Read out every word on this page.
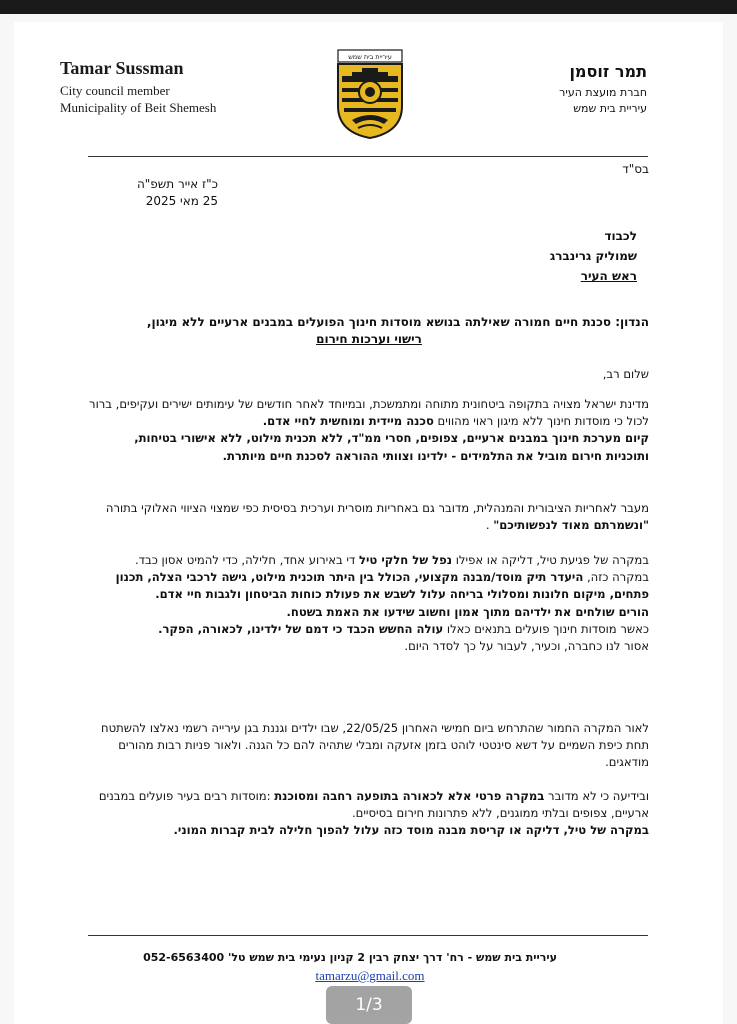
Tamar Sussman
City council member
Municipality of Beit Shemesh
עיריית בית שמש
תמר זוסמן
חברת מועצת העיר
עיריית בית שמש
בס"ד
כ"ז אייר תשפ"ה
25 מאי 2025
לכבוד
שמוליק גרינברג
ראש העיר
הנדון: סכנת חיים חמורה שאילתה בנושא מוסדות חינוך הפועלים במבנים ארעיים ללא מיגון,
רישוי וערכות חירום
שלום רב,

מדינת ישראל מצויה בתקופה ביטחונית מתוחה ומתמשכת, ובמיוחד לאחר חודשים של עימותים ישירים ועקיפים, ברור לכול כי מוסדות חינוך ללא מיגון ראוי מהווים סכנה מיידית ומוחשית לחיי אדם.

קיום מערכת חינוך במבנים ארעיים, צפופים, חסרי ממ"ד, ללא תכנית מילוט, ללא אישורי בטיחות, ותוכניות חירום מוביל את התלמידים - ילדינו וצוותי ההוראה לסכנת חיים מיותרת.

מעבר לאחריות הציבורית והמנהלית, מדובר גם באחריות מוסרית וערכית בסיסית כפי שמצוי הציווי האלוקי בתורה "ונשמרתם מאוד לנפשותיכם" .

במקרה של פגיעת טיל, דליקה או אפילו נפל של חלקי טיל די באירוע אחד, חלילה, כדי להמיט אסון כבד.

במקרה כזה, היעדר תיק מוסד/מבנה מקצועי, הכולל בין היתר תוכנית מילוט, גישה לרכבי הצלה, תכנון פתחים, מיקום חלונות ומסלולי בריחה עלול לשבש את פעולת כוחות הביטחון ולגבות חיי אדם.

הורים שולחים את ילדיהם מתוך אמון וחשוב שידעו את האמת בשטח.

כאשר מוסדות חינוך פועלים בתנאים כאלו עולה החשש הכבד כי דמם של ילדינו, לכאורה, הפקר.

אסור לנו כחברה, וכעיר, לעבור על כך לסדר היום.

לאור המקרה החמור שהתרחש ביום חמישי האחרון 22/05/25, שבו ילדים וגננת בגן עירייה רשמי נאלצו להשתטח תחת כיפת השמיים על דשא סינטטי לוהט בזמן אזעקה ומבלי שתהיה להם כל הגנה. ולאור פניות רבות מהורים מודאגים.

ובידיעה כי לא מדובר במקרה פרטי אלא לכאורה בתופעה רחבה ומסוכנת :מוסדות רבים בעיר פועלים במבנים ארעיים, צפופים ובלתי ממוגנים, ללא פתרונות חירום בסיסיים.

במקרה של טיל, דליקה או קריסת מבנה מוסד כזה עלול להפוך חלילה לבית קברות המוני.

עיריית בית שמש - רח' דרך יצחק רבין 2 קניון נעימי בית שמש טל' 052-6563400
tamarzu@gmail.com
1/3
